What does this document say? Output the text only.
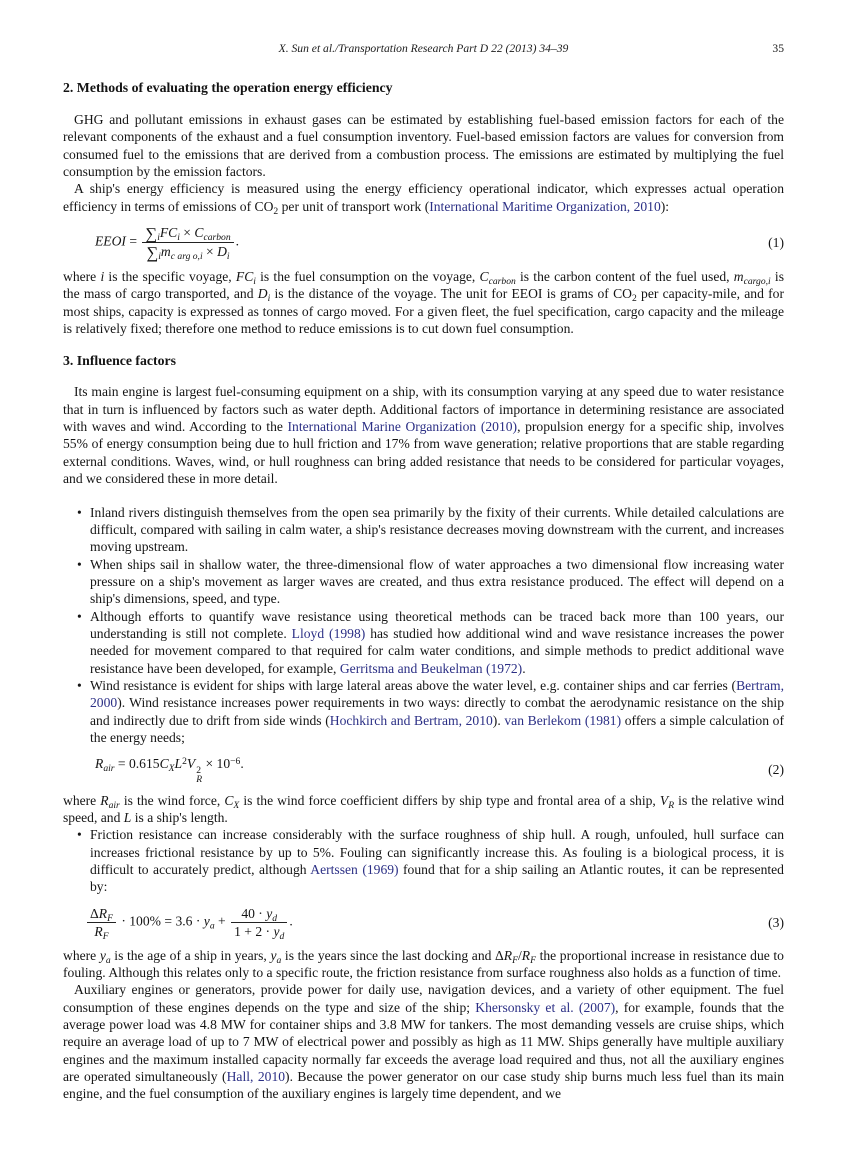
X. Sun et al./Transportation Research Part D 22 (2013) 34–39	35
2. Methods of evaluating the operation energy efficiency

GHG and pollutant emissions in exhaust gases can be estimated by establishing fuel-based emission factors for each of the relevant components of the exhaust and a fuel consumption inventory. Fuel-based emission factors are values for conversion from consumed fuel to the emissions that are derived from a combustion process. The emissions are estimated by multiplying the fuel consumption by the emission factors.

A ship's energy efficiency is measured using the energy efficiency operational indicator, which expresses actual operation efficiency in terms of emissions of $CO_2$ per unit of transport work (International Maritime Organization, 2010):

EEOI = $\frac{\sum_iFC_i \times C_{carbon}}{\sum_im_{c arg o,i} \times D_i}$ .	(1)

where i is the specific voyage, $FC_i$ is the fuel consumption on the voyage, $C_{carbon}$ is the carbon content of the fuel used, $m_{cargo,i}$ is the mass of cargo transported, and $D_i$ is the distance of the voyage. The unit for EEOI is grams of $CO_2$ per capacity-mile, and for most ships, capacity is expressed as tonnes of cargo moved. For a given fleet, the fuel specification, cargo capacity and the mileage is relatively fixed; therefore one method to reduce emissions is to cut down fuel consumption.

3. Influence factors

Its main engine is largest fuel-consuming equipment on a ship, with its consumption varying at any speed due to water resistance that in turn is influenced by factors such as water depth. Additional factors of importance in determining resistance are associated with waves and wind. According to the International Marine Organization (2010), propulsion energy for a specific ship, involves 55% of energy consumption being due to hull friction and 17% from wave generation; relative proportions that are stable regarding external conditions. Waves, wind, or hull roughness can bring added resistance that needs to be considered for particular voyages, and we considered these in more detail.

• Inland rivers distinguish themselves from the open sea primarily by the fixity of their currents. While detailed calculations are difficult, compared with sailing in calm water, a ship's resistance decreases moving downstream with the current, and increases moving upstream.
• When ships sail in shallow water, the three-dimensional flow of water approaches a two dimensional flow increasing water pressure on a ship's movement as larger waves are created, and thus extra resistance produced. The effect will depend on a ship's dimensions, speed, and type.
• Although efforts to quantify wave resistance using theoretical methods can be traced back more than 100 years, our understanding is still not complete. Lloyd (1998) has studied how additional wind and wave resistance increases the power needed for movement compared to that required for calm water conditions, and simple methods to predict additional wave resistance have been developed, for example, Gerritsma and Beukelman (1972).
• Wind resistance is evident for ships with large lateral areas above the water level, e.g. container ships and car ferries (Bertram, 2000). Wind resistance increases power requirements in two ways: directly to combat the aerodynamic resistance on the ship and indirectly due to drift from side winds (Hochkirch and Bertram, 2010). van Berlekom (1981) offers a simple calculation of the energy needs;
$R_{air} = 0.615C_XL^2V$ 2
R
× $10^{-6}$.	(2)

where $R_{air}$ is the wind force, $C_X$ is the wind force coefficient differs by ship type and frontal area of a ship, $V_R$ is the relative wind speed, and L is a ship's length.

• Friction resistance can increase considerably with the surface roughness of ship hull. A rough, unfouled, hull surface can increases frictional resistance by up to 5%. Fouling can significantly increase this. As fouling is a biological process, it is difficult to accurately predict, although Aertssen (1969) found that for a ship sailing an Atlantic routes, it can be represented by:
$\frac{\Delta R_F}{R_F} \cdot 100\% = 3.6 \cdot y_a + \frac{40 \cdot y_d}{1 + 2 \cdot y_d}$ .	(3)

where $y_a$ is the age of a ship in years, $y_a$ is the years since the last docking and $\Delta R_F/R_F$ the proportional increase in resistance due to fouling. Although this relates only to a specific route, the friction resistance from surface roughness also holds as a function of time.

Auxiliary engines or generators, provide power for daily use, navigation devices, and a variety of other equipment. The fuel consumption of these engines depends on the type and size of the ship; Khersonsky et al. (2007), for example, founds that the average power load was 4.8 MW for container ships and 3.8 MW for tankers. The most demanding vessels are cruise ships, which require an average load of up to 7 MW of electrical power and possibly as high as 11 MW. Ships generally have multiple auxiliary engines and the maximum installed capacity normally far exceeds the average load required and thus, not all the auxiliary engines are operated simultaneously (Hall, 2010). Because the power generator on our case study ship burns much less fuel than its main engine, and the fuel consumption of the auxiliary engines is largely time dependent, and we
